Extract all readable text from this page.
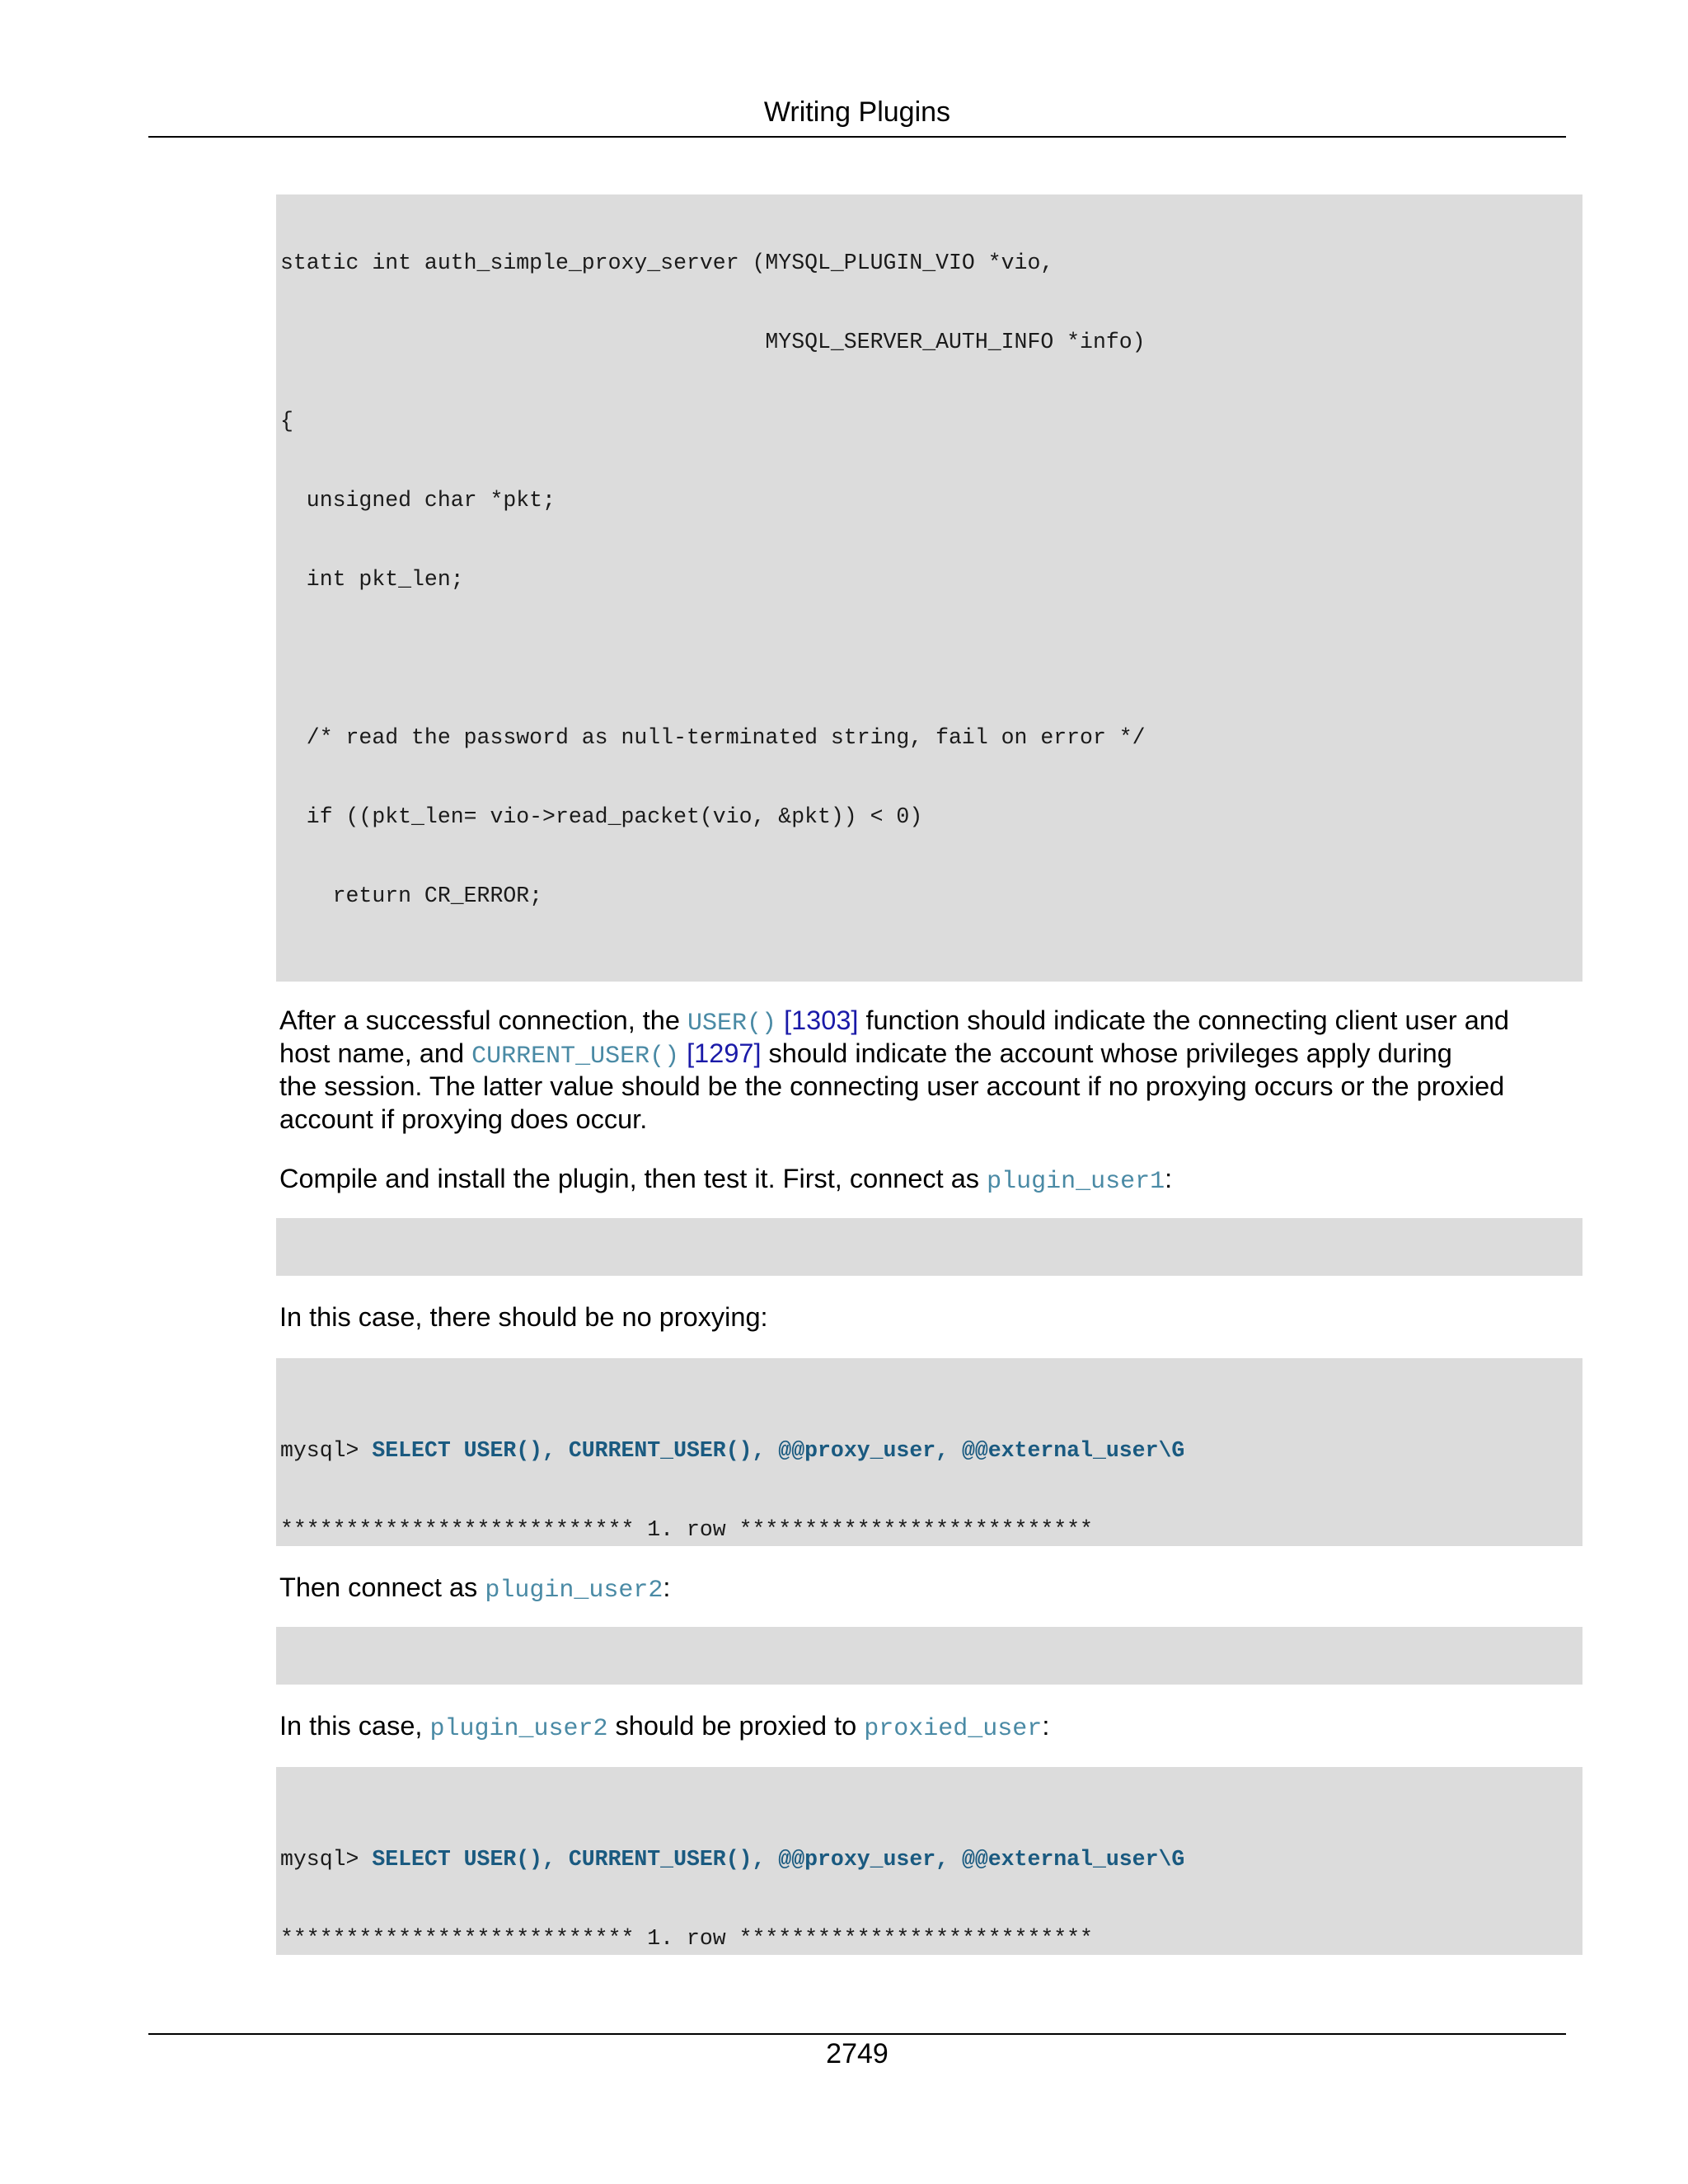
Writing Plugins

static int auth_simple_proxy_server (MYSQL_PLUGIN_VIO *vio,

MYSQL_SERVER_AUTH_INFO *info)

{

unsigned char *pkt;

int pkt_len;

/* read the password as null-terminated string, fail on error */

if ((pkt_len= vio->read_packet(vio, &pkt)) < 0)

return CR_ERROR;

After a successful connection, the USER() [1303] function should indicate the connecting client user and
host name, and CURRENT_USER() [1297] should indicate the account whose privileges apply during
the session. The latter value should be the connecting user account if no proxying occurs or the proxied
account if proxying does occur.
Compile and install the plugin, then test it. First, connect as plugin_user1:

In this case, there should be no proxying:

mysql> SELECT USER(), CURRENT_USER(), @@proxy_user, @@external_user\G

*************************** 1. row ***************************

Then connect as plugin_user2:

In this case, plugin_user2 should be proxied to proxied_user:

mysql> SELECT USER(), CURRENT_USER(), @@proxy_user, @@external_user\G

*************************** 1. row ***************************

2749
